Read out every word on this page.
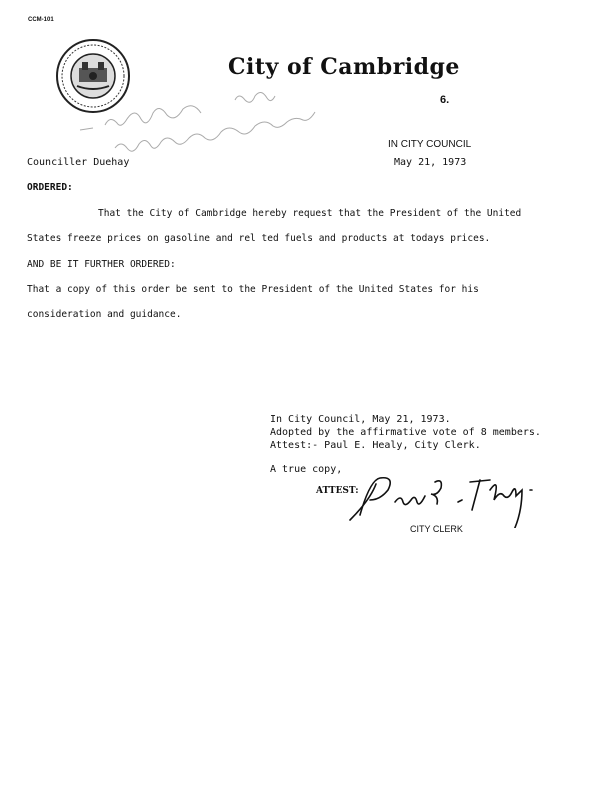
CCM-101
City of Cambridge
6.
IN CITY COUNCIL
May 21, 1973
Counciller Duehay
ORDERED:
That the City of Cambridge hereby request that the President of the United
States freeze prices on gasoline and rel ted fuels and products at todays prices.
AND BE IT FURTHER ORDERED:
That a copy of this order be sent to the President of the United States for his
consideration and guidance.
In City Council, May 21, 1973.
Adopted by the affirmative vote of 8 members.
Attest:- Paul E. Healy, City Clerk.
A true copy,
ATTEST:
CITY CLERK
